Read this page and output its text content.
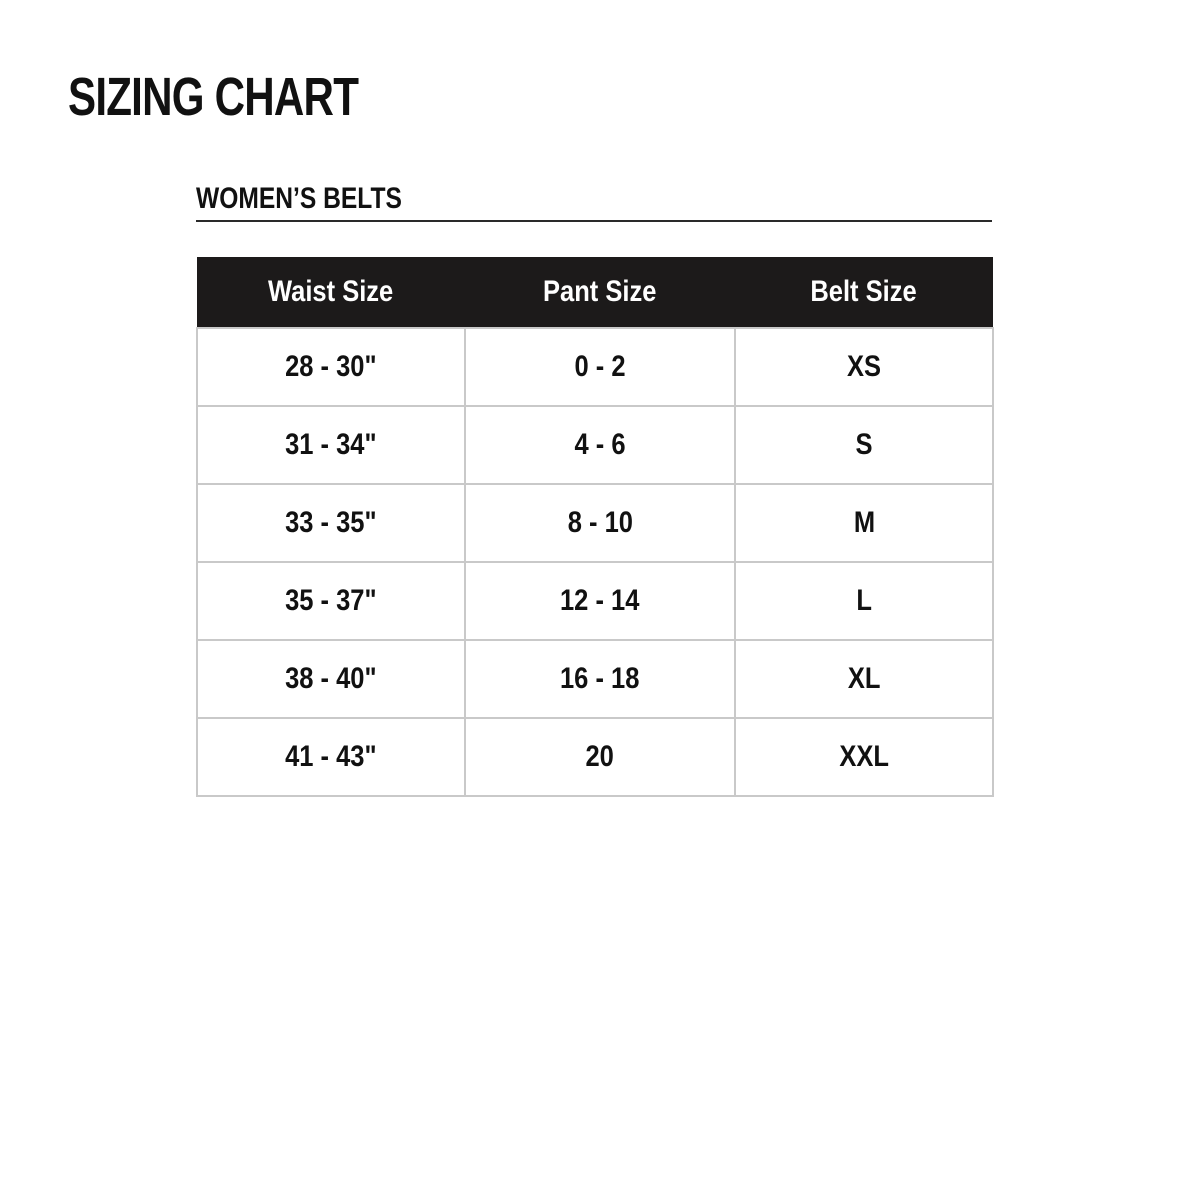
SIZING CHART
WOMEN’S BELTS
Waist Size	Pant Size	Belt Size
28 - 30"	0 - 2	XS
31 - 34"	4 - 6	S
33 - 35"	8 - 10	M
35 - 37"	12 - 14	L
38 - 40"	16 - 18	XL
41 - 43"	20	XXL
